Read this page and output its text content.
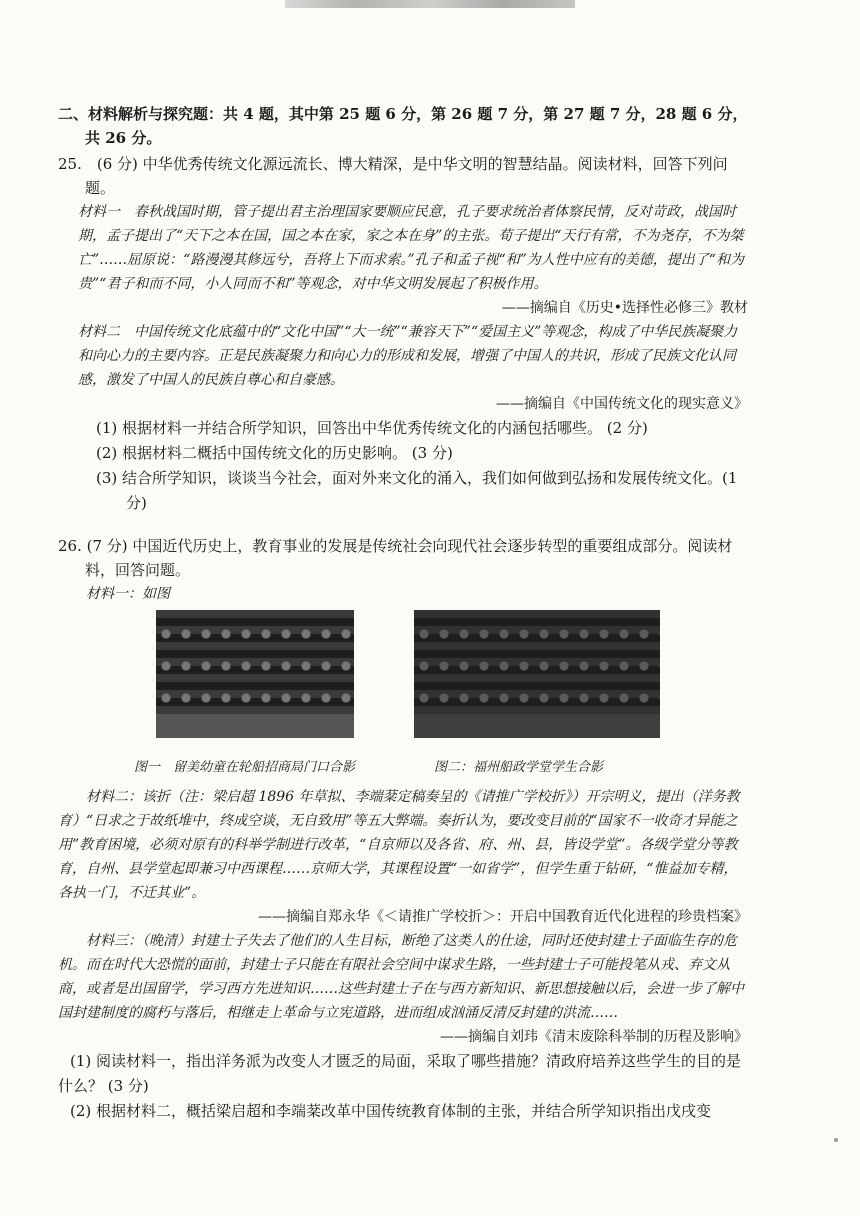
二、材料解析与探究题：共 4 题，其中第 25 题 6 分，第 26 题 7 分，第 27 题 7 分，28 题 6 分，共 26 分。

25.　(6 分) 中华优秀传统文化源远流长、博大精深，是中华文明的智慧结晶。阅读材料，回答下列问题。

材料一　春秋战国时期，管子提出君主治理国家要顺应民意，孔子要求统治者体察民情，反对苛政，战国时期，孟子提出了“天下之本在国，国之本在家，家之本在身”的主张。荀子提出“天行有常，不为尧存，不为桀亡”……屈原说：“路漫漫其修远兮，吾将上下而求索。”孔子和孟子视“和”为人性中应有的美德，提出了“和为贵”“君子和而不同，小人同而不和”等观念，对中华文明发展起了积极作用。

——摘编自《历史•选择性必修三》教材

材料二　中国传统文化底蕴中的“文化中国”“大一统”“兼容天下”“爱国主义”等观念，构成了中华民族凝聚力和向心力的主要内容。正是民族凝聚力和向心力的形成和发展，增强了中国人的共识，形成了民族文化认同感，激发了中国人的民族自尊心和自豪感。

——摘编自《中国传统文化的现实意义》

(1) 根据材料一并结合所学知识，回答出中华优秀传统文化的内涵包括哪些。 (2 分)

(2) 根据材料二概括中国传统文化的历史影响。 (3 分)

(3) 结合所学知识，谈谈当今社会，面对外来文化的涌入，我们如何做到弘扬和发展传统文化。(1 分)

26. (7 分) 中国近代历史上，教育事业的发展是传统社会向现代社会逐步转型的重要组成部分。阅读材料，回答问题。

材料一：如图

图一　留美幼童在轮船招商局门口合影	图二：福州船政学堂学生合影

材料二：该折（注：梁启超 1896 年草拟、李端棻定稿奏呈的《请推广学校折》）开宗明义，提出（洋务教育）“日求之于故纸堆中，终成空谈，无自致用”等五大弊端。奏折认为，要改变目前的“国家不一收奇才异能之用”教育困境，必须对原有的科举学制进行改革，“自京师以及各省、府、州、县，皆设学堂”。各级学堂分等教育，自州、县学堂起即兼习中西课程……京师大学，其课程设置“一如省学”，但学生重于钻研，“惟益加专精，各执一门，不迁其业”。

——摘编自郑永华《＜请推广学校折＞：开启中国教育近代化进程的珍贵档案》

材料三：（晚清）封建士子失去了他们的人生目标，断绝了这类人的仕途，同时还使封建士子面临生存的危机。而在时代大恐慌的面前，封建士子只能在有限社会空间中谋求生路，一些封建士子可能投笔从戎、弃文从商，或者是出国留学，学习西方先进知识……这些封建士子在与西方新知识、新思想接触以后，会进一步了解中国封建制度的腐朽与落后，相继走上革命与立宪道路，进而组成汹涌反清反封建的洪流……

——摘编自刘玮《清末废除科举制的历程及影响》

(1) 阅读材料一，指出洋务派为改变人才匮乏的局面，采取了哪些措施？清政府培养这些学生的目的是什么？ (3 分)

(2) 根据材料二，概括梁启超和李端棻改革中国传统教育体制的主张，并结合所学知识指出戊戌变
